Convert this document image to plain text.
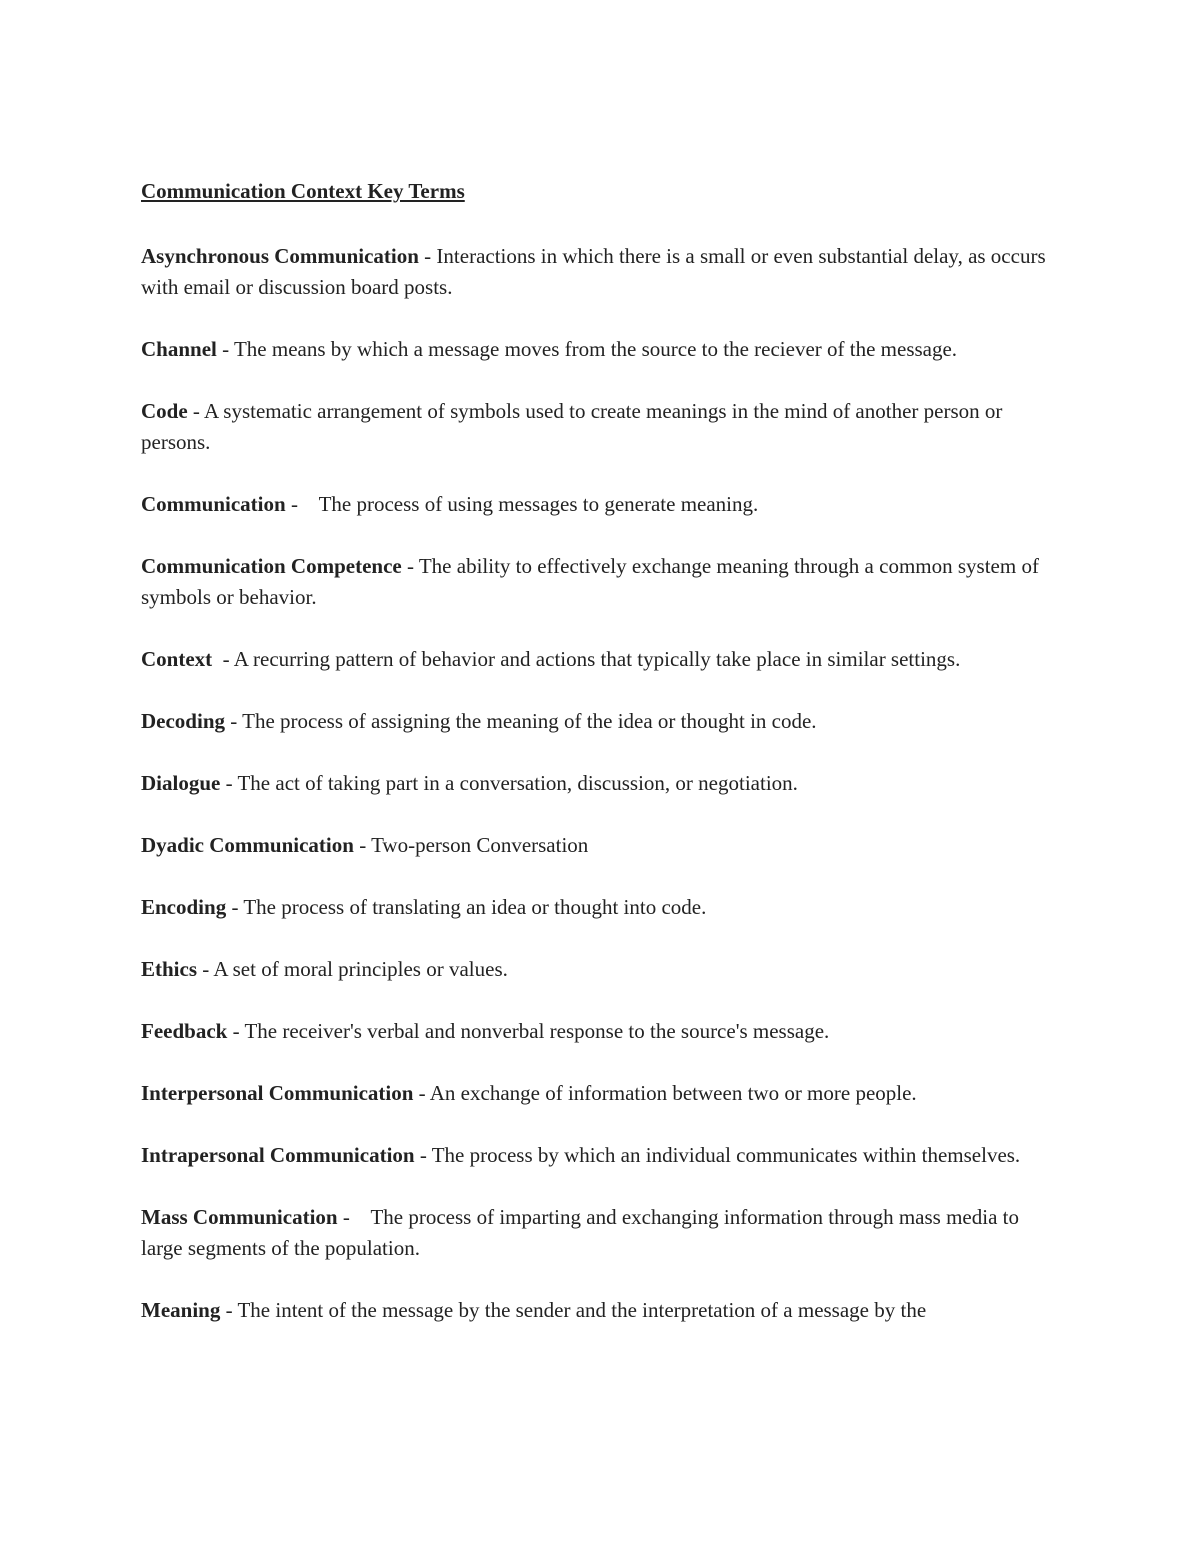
Communication Context Key Terms
Asynchronous Communication - Interactions in which there is a small or even substantial delay, as occurs with email or discussion board posts.
Channel - The means by which a message moves from the source to the reciever of the message.
Code - A systematic arrangement of symbols used to create meanings in the mind of another person or persons.
Communication -    The process of using messages to generate meaning.
Communication Competence - The ability to effectively exchange meaning through a common system of symbols or behavior.
Context  - A recurring pattern of behavior and actions that typically take place in similar settings.
Decoding - The process of assigning the meaning of the idea or thought in code.
Dialogue - The act of taking part in a conversation, discussion, or negotiation.
Dyadic Communication - Two-person Conversation
Encoding - The process of translating an idea or thought into code.
Ethics - A set of moral principles or values.
Feedback - The receiver's verbal and nonverbal response to the source's message.
Interpersonal Communication - An exchange of information between two or more people.
Intrapersonal Communication - The process by which an individual communicates within themselves.
Mass Communication -    The process of imparting and exchanging information through mass media to large segments of the population.
Meaning - The intent of the message by the sender and the interpretation of a message by the
